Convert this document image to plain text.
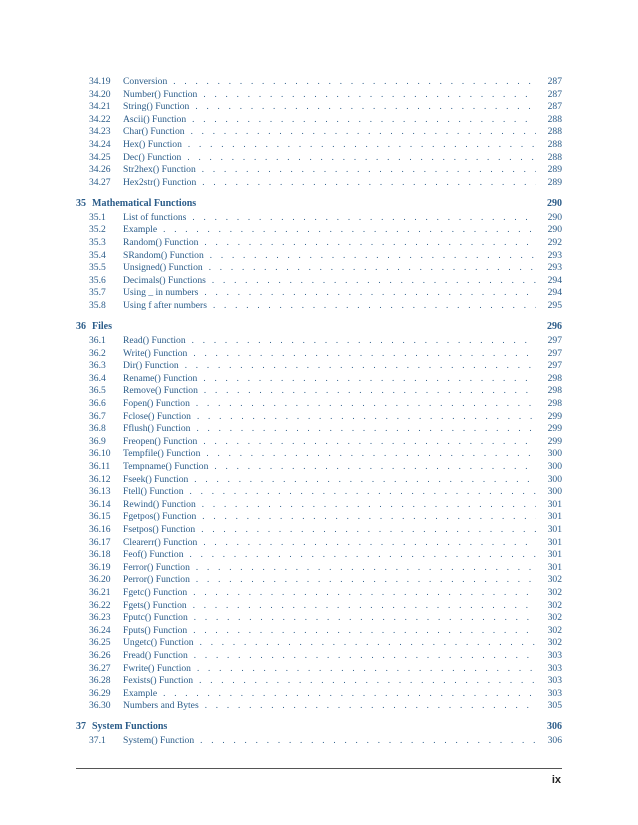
34.19	Conversion . . .	287
34.20	Number() Function . . .	287
34.21	String() Function . . .	287
34.22	Ascii() Function . . .	288
34.23	Char() Function . . .	288
34.24	Hex() Function . . .	288
34.25	Dec() Function . . .	288
34.26	Str2hex() Function . . .	289
34.27	Hex2str() Function . . .	289
35 Mathematical Functions	290
35.1	List of functions . . .	290
35.2	Example . . .	290
35.3	Random() Function . . .	292
35.4	SRandom() Function . . .	293
35.5	Unsigned() Function . . .	293
35.6	Decimals() Functions . . .	294
35.7	Using _ in numbers . . .	294
35.8	Using f after numbers . . .	295
36 Files	296
36.1	Read() Function . . .	297
36.2	Write() Function . . .	297
36.3	Dir() Function . . .	297
36.4	Rename() Function . . .	298
36.5	Remove() Function . . .	298
36.6	Fopen() Function . . .	298
36.7	Fclose() Function . . .	299
36.8	Fflush() Function . . .	299
36.9	Freopen() Function . . .	299
36.10	Tempfile() Function . . .	300
36.11	Tempname() Function . . .	300
36.12	Fseek() Function . . .	300
36.13	Ftell() Function . . .	300
36.14	Rewind() Function . . .	301
36.15	Fgetpos() Function . . .	301
36.16	Fsetpos() Function . . .	301
36.17	Clearerr() Function . . .	301
36.18	Feof() Function . . .	301
36.19	Ferror() Function . . .	301
36.20	Perror() Function . . .	302
36.21	Fgetc() Function . . .	302
36.22	Fgets() Function . . .	302
36.23	Fputc() Function . . .	302
36.24	Fputs() Function . . .	302
36.25	Ungetc() Function . . .	302
36.26	Fread() Function . . .	303
36.27	Fwrite() Function . . .	303
36.28	Fexists() Function . . .	303
36.29	Example . . .	303
36.30	Numbers and Bytes . . .	305
37 System Functions	306
37.1	System() Function . . .	306
ix
